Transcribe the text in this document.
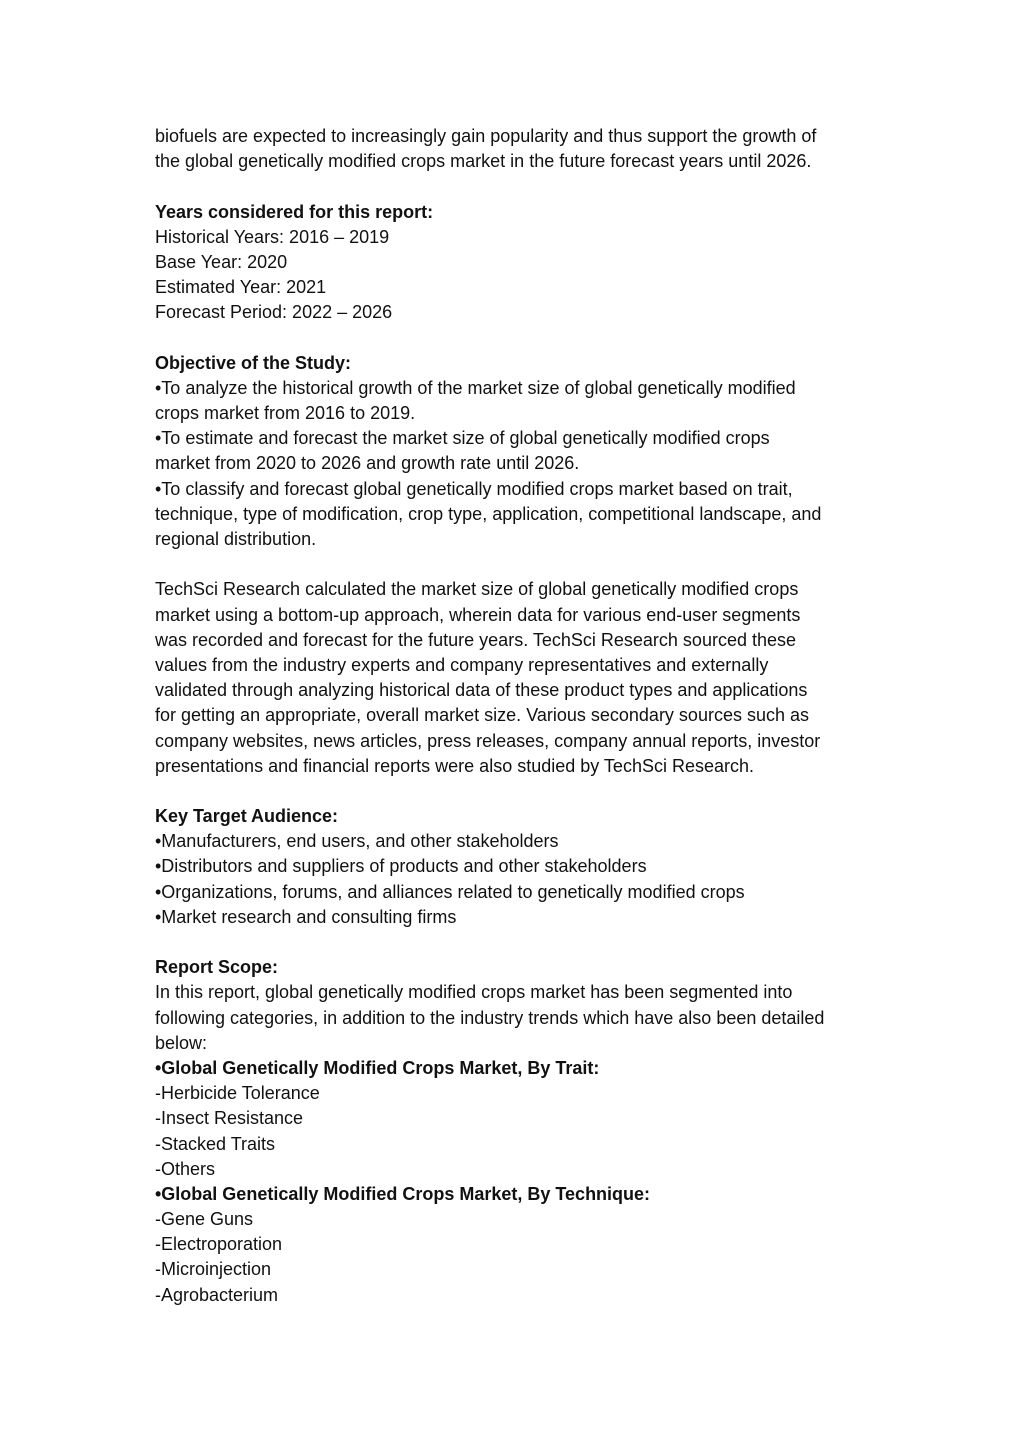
biofuels are expected to increasingly gain popularity and thus support the growth of
the global genetically modified crops market in the future forecast years until 2026.
Years considered for this report:
Historical Years: 2016 – 2019
Base Year: 2020
Estimated Year: 2021
Forecast Period: 2022 – 2026
Objective of the Study:
•To analyze the historical growth of the market size of global genetically modified
crops market from 2016 to 2019.
•To estimate and forecast the market size of global genetically modified crops
market from 2020 to 2026 and growth rate until 2026.
•To classify and forecast global genetically modified crops market based on trait,
technique, type of modification, crop type, application, competitional landscape, and
regional distribution.
TechSci Research calculated the market size of global genetically modified crops
market using a bottom-up approach, wherein data for various end-user segments
was recorded and forecast for the future years. TechSci Research sourced these
values from the industry experts and company representatives and externally
validated through analyzing historical data of these product types and applications
for getting an appropriate, overall market size. Various secondary sources such as
company websites, news articles, press releases, company annual reports, investor
presentations and financial reports were also studied by TechSci Research.
Key Target Audience:
•Manufacturers, end users, and other stakeholders
•Distributors and suppliers of products and other stakeholders
•Organizations, forums, and alliances related to genetically modified crops
•Market research and consulting firms
Report Scope:
In this report, global genetically modified crops market has been segmented into
following categories, in addition to the industry trends which have also been detailed
below:
•Global Genetically Modified Crops Market, By Trait:
-Herbicide Tolerance
-Insect Resistance
-Stacked Traits
-Others
•Global Genetically Modified Crops Market, By Technique:
-Gene Guns
-Electroporation
-Microinjection
-Agrobacterium
